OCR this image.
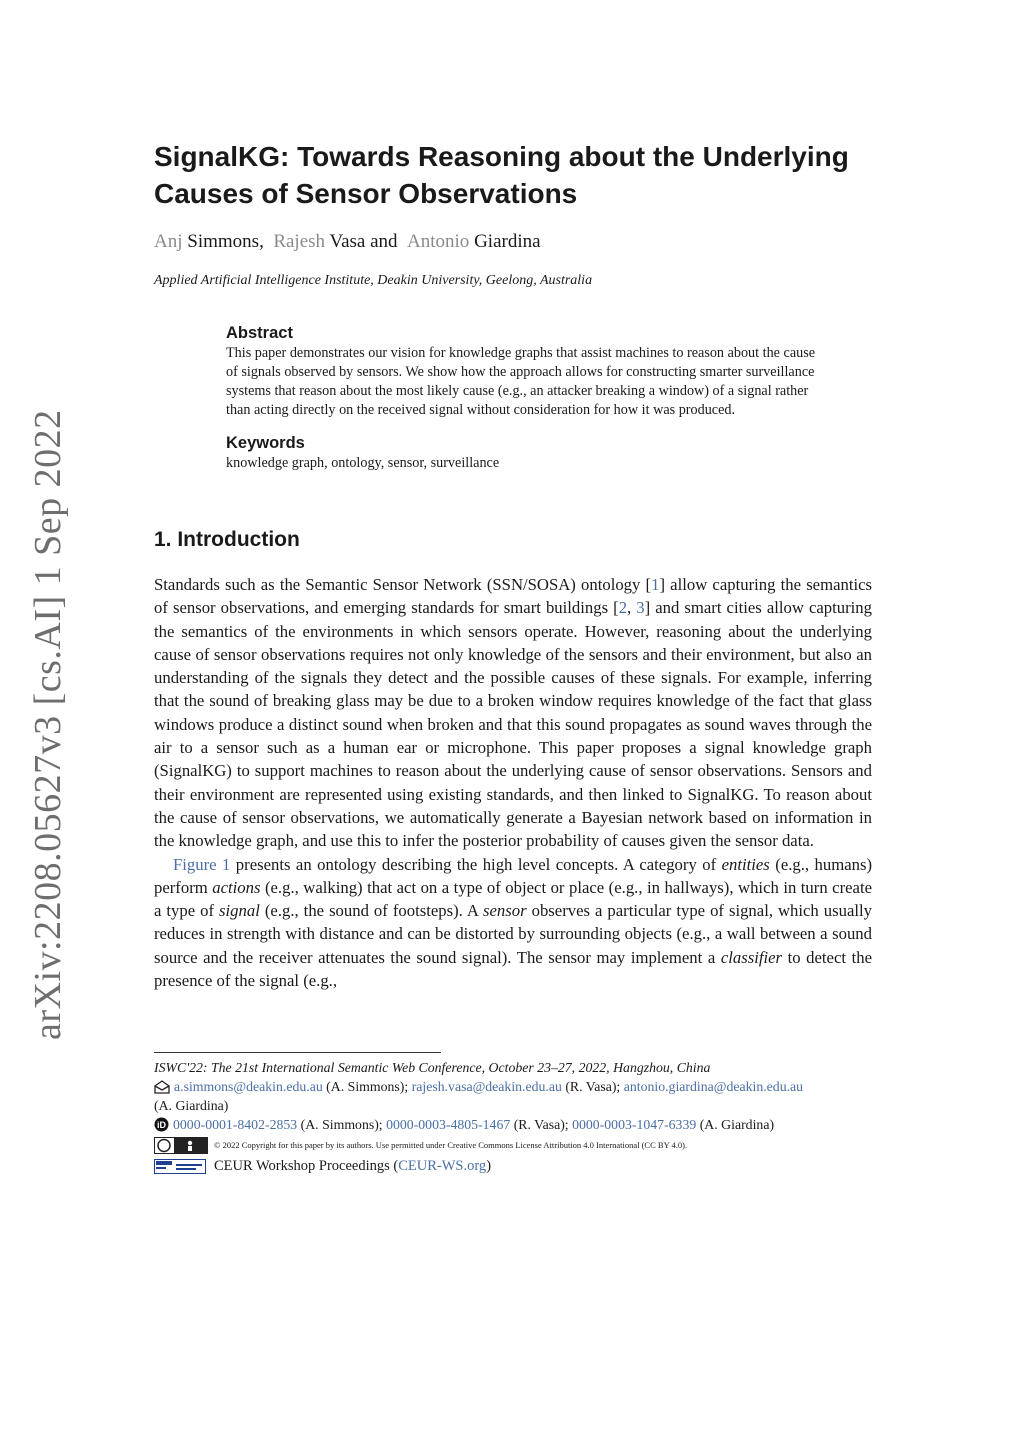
arXiv:2208.05627v3 [cs.AI] 1 Sep 2022
SignalKG: Towards Reasoning about the Underlying
Causes of Sensor Observations
Anj Simmons, Rajesh Vasa and Antonio Giardina
Applied Artificial Intelligence Institute, Deakin University, Geelong, Australia
Abstract
This paper demonstrates our vision for knowledge graphs that assist machines to reason about the cause
of signals observed by sensors. We show how the approach allows for constructing smarter surveillance
systems that reason about the most likely cause (e.g., an attacker breaking a window) of a signal rather
than acting directly on the received signal without consideration for how it was produced.
Keywords

knowledge graph, ontology, sensor, surveillance

1. Introduction

Standards such as the Semantic Sensor Network (SSN/SOSA) ontology [1] allow capturing the semantics of sensor observations, and emerging standards for smart buildings [2, 3] and smart cities allow capturing the semantics of the environments in which sensors operate. However, reasoning about the underlying cause of sensor observations requires not only knowledge of the sensors and their environment, but also an understanding of the signals they detect and the possible causes of these signals. For example, inferring that the sound of breaking glass may be due to a broken window requires knowledge of the fact that glass windows produce a distinct sound when broken and that this sound propagates as sound waves through the air to a sensor such as a human ear or microphone. This paper proposes a signal knowledge graph (SignalKG) to support machines to reason about the underlying cause of sensor observations. Sensors and their environment are represented using existing standards, and then linked to SignalKG. To reason about the cause of sensor observations, we automatically generate a Bayesian network based on information in the knowledge graph, and use this to infer the posterior probability of causes given the sensor data.

Figure 1 presents an ontology describing the high level concepts. A category of entities (e.g., humans) perform actions (e.g., walking) that act on a type of object or place (e.g., in hallways), which in turn create a type of signal (e.g., the sound of footsteps). A sensor observes a particular type of signal, which usually reduces in strength with distance and can be distorted by surrounding objects (e.g., a wall between a sound source and the receiver attenuates the sound signal). The sensor may implement a classifier to detect the presence of the signal (e.g.,

ISWC'22: The 21st International Semantic Web Conference, October 23–27, 2022, Hangzhou, China
a.simmons@deakin.edu.au (A. Simmons); rajesh.vasa@deakin.edu.au (R. Vasa); antonio.giardina@deakin.edu.au
(A. Giardina)
iD 0000-0001-8402-2853 (A. Simmons); 0000-0003-4805-1467 (R. Vasa); 0000-0003-1047-6339 (A. Giardina)
© 2022 Copyright for this paper by its authors. Use permitted under Creative Commons License Attribution 4.0 International (CC BY 4.0).
CEUR Workshop Proceedings (CEUR-WS.org)
